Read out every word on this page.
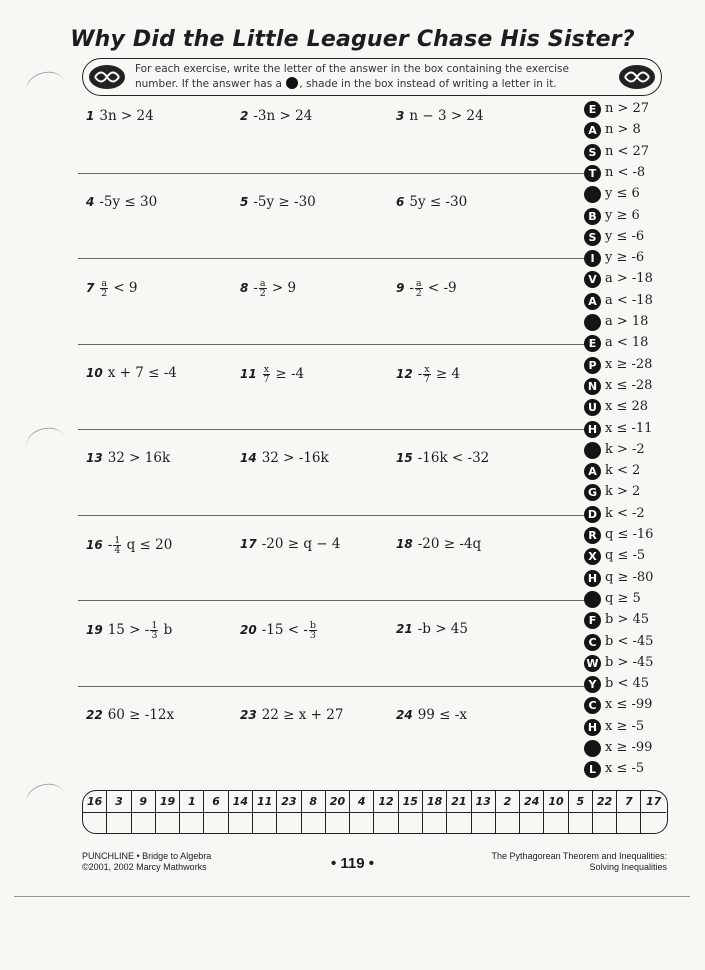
Why Did the Little Leaguer Chase His Sister?
For each exercise, write the letter of the answer in the box containing the exercise
number. If the answer has a , shade in the box instead of writing a letter in it.
1 3n > 24	2 -3n > 24	3 n − 3 > 24
4 -5y ≤ 30	5 -5y ≥ -30	6 5y ≤ -30
$7 \frac{a}{2} < 9$	$8 - \frac{a}{2} > 9$	$9 - \frac{a}{2} < -9$
10 x + 7 ≤ -4	$11 \frac{x}{7} \ge -4$	$12 - \frac{x}{7} \ge 4$
13 32 > 16k	14 32 > -16k	15 -16k < -32
$16 - \frac{1}{4}$ q ≤ 20	17 -20 ≥ q − 4	18 -20 ≥ -4q
19 15 > - $\frac{1}{3}$ b	20 -15 < - $\frac{b}{3}$	21 -b > 45
22 60 ≥ -12x	23 22 ≥ x + 27	24 99 ≤ -x
E n > 27
A n > 8
S n < 27
T n < -8
y ≤ 6
B y ≥ 6
S y ≤ -6
I y ≥ -6
V a > -18
A a < -18
a > 18
E a < 18
P x ≥ -28
N x ≤ -28
U x ≤ 28
H x ≤ -11
k > -2
A k < 2
G k > 2
D k < -2
R q ≤ -16
X q ≤ -5
H q ≥ -80
q ≥ 5
F b > 45
C b < -45
W b > -45
Y b < 45
C x ≤ -99
H x ≥ -5
x ≥ -99
L x ≤ -5
16	3	9	19	1	6	14 11 23	8	20	4	12 15 18 21 13	2	24 10	5	22	7	17
PUNCHLINE • Bridge to Algebra
©2001, 2002 Marcy Mathworks	• 119 •	The Pythagorean Theorem and Inequalities:
Solving Inequalities
